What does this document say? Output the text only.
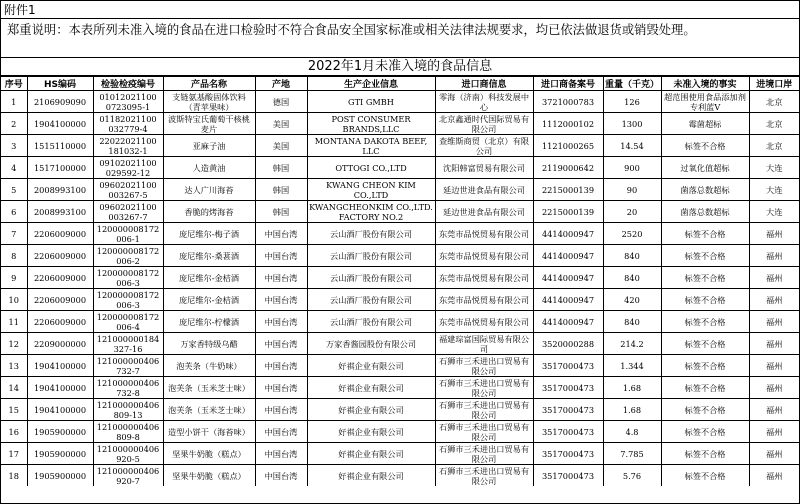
附件1
郑重说明：本表所列未准入境的食品在进口检验时不符合食品安全国家标准或相关法律法规要求，均已依法做退货或销毁处理。
2022年1月未准入境的食品信息
序号	HS编码	检验检疫编号	产品名称	产地	生产企业信息	进口商信息	进口商备案号	重量（千克）	未准入境的事实	进境口岸
1	2106909090	01012021100 0723095-1	支链氨基酸固体饮料（青苹果味）	德国	GTI GMBH	零海（济南）科技发展中心	3721000783	126	超范围使用食品添加剂专利蓝V	北京
2	1904100000	01182021100 032779-4	波斯特宝氏葡萄干核桃麦片	美国	POST CONSUMER BRANDS,LLC	北京鑫通时代国际贸易有限公司	1112000102	1300	霉菌超标	北京
3	1515110000	22022021100 181032-1	亚麻子油	美国	MONTANA DAKOTA BEEF, LLC	查维斯商贸（北京）有限公司	1121000265	14.54	标签不合格	北京
4	1517100000	09102021100 029592-12	人造黄油	韩国	OTTOGI CO.,LTD	沈阳韩富贸易有限公司	2119000642	900	过氧化值超标	大连
5	2008993100	09602021100 003267-5	达人广川海苔	韩国	KWANG CHEON KIM CO.,LTD	延边世进食品有限公司	2215000139	90	菌落总数超标	大连
6	2008993100	09602021100 003267-7	香脆的烤海苔	韩国	KWANGCHEONKIM CO.,LTD. FACTORY NO.2	延边世进食品有限公司	2215000139	20	菌落总数超标	大连
7	2206009000	120000008172 006-1	庞尼维尔-梅子酒	中国台湾	云山酒厂股份有限公司	东莞市品悦贸易有限公司	4414000947	2520	标签不合格	福州
8	2206009000	120000008172 006-2	庞尼维尔-桑葚酒	中国台湾	云山酒厂股份有限公司	东莞市品悦贸易有限公司	4414000947	840	标签不合格	福州
9	2206009000	120000008172 006-3	庞尼维尔-金桔酒	中国台湾	云山酒厂股份有限公司	东莞市品悦贸易有限公司	4414000947	840	标签不合格	福州
10	2206009000	120000008172 006-3	庞尼维尔-金桔酒	中国台湾	云山酒厂股份有限公司	东莞市品悦贸易有限公司	4414000947	420	标签不合格	福州
11	2206009000	120000008172 006-4	庞尼维尔-柠檬酒	中国台湾	云山酒厂股份有限公司	东莞市品悦贸易有限公司	4414000947	840	标签不合格	福州
12	2209000000	121000000184 327-16	万家香特级乌醋	中国台湾	万家香酱园股份有限公司	福建琮富国际贸易有限公司	3520000288	214.2	标签不合格	福州
13	1904100000	121000000406 732-7	泡芙条（牛奶味）	中国台湾	好祺企业有限公司	石狮市三禾进出口贸易有限公司	3517000473	1.344	标签不合格	福州
14	1904100000	121000000406 732-8	泡芙条（玉米芝士味）	中国台湾	好祺企业有限公司	石狮市三禾进出口贸易有限公司	3517000473	1.68	标签不合格	福州
15	1904100000	121000000406 809-13	泡芙条（玉米芝士味）	中国台湾	好祺企业有限公司	石狮市三禾进出口贸易有限公司	3517000473	1.68	标签不合格	福州
16	1905900000	121000000406 809-8	造型小饼干（海苔味）	中国台湾	好祺企业有限公司	石狮市三禾进出口贸易有限公司	3517000473	4.8	标签不合格	福州
17	1905900000	121000000406 920-5	坚果牛奶脆（糕点）	中国台湾	好祺企业有限公司	石狮市三禾进出口贸易有限公司	3517000473	7.785	标签不合格	福州
18	1905900000	121000000406 920-7	坚果牛奶脆（糕点）	中国台湾	好祺企业有限公司	石狮市三禾进出口贸易有限公司	3517000473	5.76	标签不合格	福州
